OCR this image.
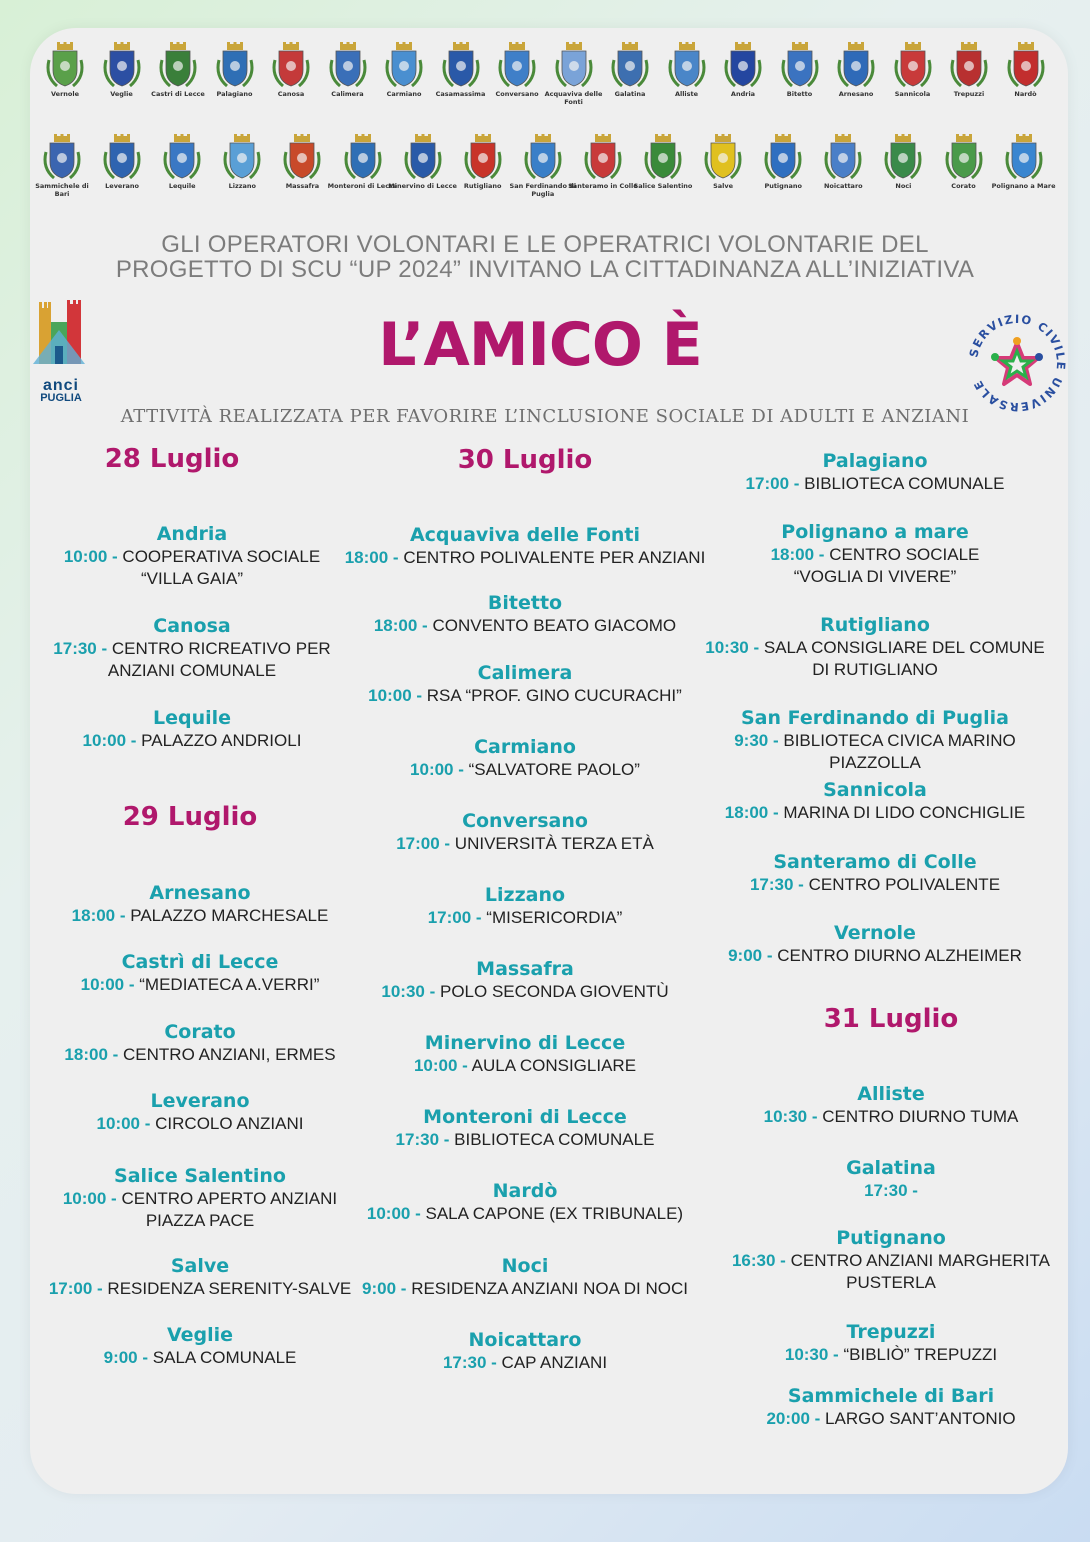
Vernole	Veglie	Castri di Lecce	Palagiano	Canosa	Calimera	Carmiano	Casamassima	Conversano Acquaviva delle Fonti
Galatina	Alliste	Andria	Bitetto	Arnesano	Sannicola	Trepuzzi	Nardò
Sammichele di Bari
Leverano	Lequile	Lizzano	Massafra	Monteroni di Lecce
Minervino di Lecce	Rutigliano	San Ferdinando di Puglia
Santeramo in Colle
Salice Salentino	Salve	Putignano	Noicattaro	Noci	Corato	Polignano a Mare
GLI OPERATORI VOLONTARI E LE OPERATRICI VOLONTARIE DEL
PROGETTO DI SCU “UP 2024” INVITANO LA CITTADINANZA ALL’INIZIATIVA
anci
PUGLIA
L’AMICO È	SERVIZIO CIVILE UNIVERSALE
ATTIVITÀ REALIZZATA PER FAVORIRE L’INCLUSIONE SOCIALE DI ADULTI E ANZIANI
28 Luglio
Andria
10:00 - COOPERATIVA SOCIALE
“VILLA GAIA”
Canosa
17:30 - CENTRO RICREATIVO PER
ANZIANI COMUNALE
Lequile
10:00 - PALAZZO ANDRIOLI
29 Luglio
Arnesano
18:00 - PALAZZO MARCHESALE
Castrì di Lecce
10:00 - “MEDIATECA A.VERRI”
Corato
18:00 - CENTRO ANZIANI, ERMES
Leverano
10:00 - CIRCOLO ANZIANI
Salice Salentino
10:00 - CENTRO APERTO ANZIANI
PIAZZA PACE
Salve
17:00 - RESIDENZA SERENITY-SALVE
Veglie
9:00 - SALA COMUNALE
30 Luglio
Acquaviva delle Fonti
18:00 - CENTRO POLIVALENTE PER ANZIANI
Bitetto
18:00 - CONVENTO BEATO GIACOMO
Calimera
10:00 - RSA “PROF. GINO CUCURACHI”
Carmiano
10:00 - “SALVATORE PAOLO”
Conversano
17:00 - UNIVERSITÀ TERZA ETÀ
Lizzano
17:00 - “MISERICORDIA”
Massafra
10:30 - POLO SECONDA GIOVENTÙ
Minervino di Lecce
10:00 - AULA CONSIGLIARE
Monteroni di Lecce
17:30 - BIBLIOTECA COMUNALE
Nardò
10:00 - SALA CAPONE (EX TRIBUNALE)
Noci
9:00 - RESIDENZA ANZIANI NOA DI NOCI
Noicattaro
17:30 - CAP ANZIANI
Palagiano
17:00 - BIBLIOTECA COMUNALE
Polignano a mare
18:00 - CENTRO SOCIALE
“VOGLIA DI VIVERE”
Rutigliano
10:30 - SALA CONSIGLIARE DEL COMUNE
DI RUTIGLIANO
San Ferdinando di Puglia
9:30 - BIBLIOTECA CIVICA MARINO PIAZZOLLA
Sannicola
18:00 - MARINA DI LIDO CONCHIGLIE
Santeramo di Colle
17:30 - CENTRO POLIVALENTE
Vernole
9:00 - CENTRO DIURNO ALZHEIMER
31 Luglio
Alliste
10:30 - CENTRO DIURNO TUMA
Galatina
17:30 -
Putignano
16:30 - CENTRO ANZIANI MARGHERITA
PUSTERLA
Trepuzzi
10:30 - “BIBLIÒ” TREPUZZI
Sammichele di Bari
20:00 - LARGO SANT’ANTONIO
